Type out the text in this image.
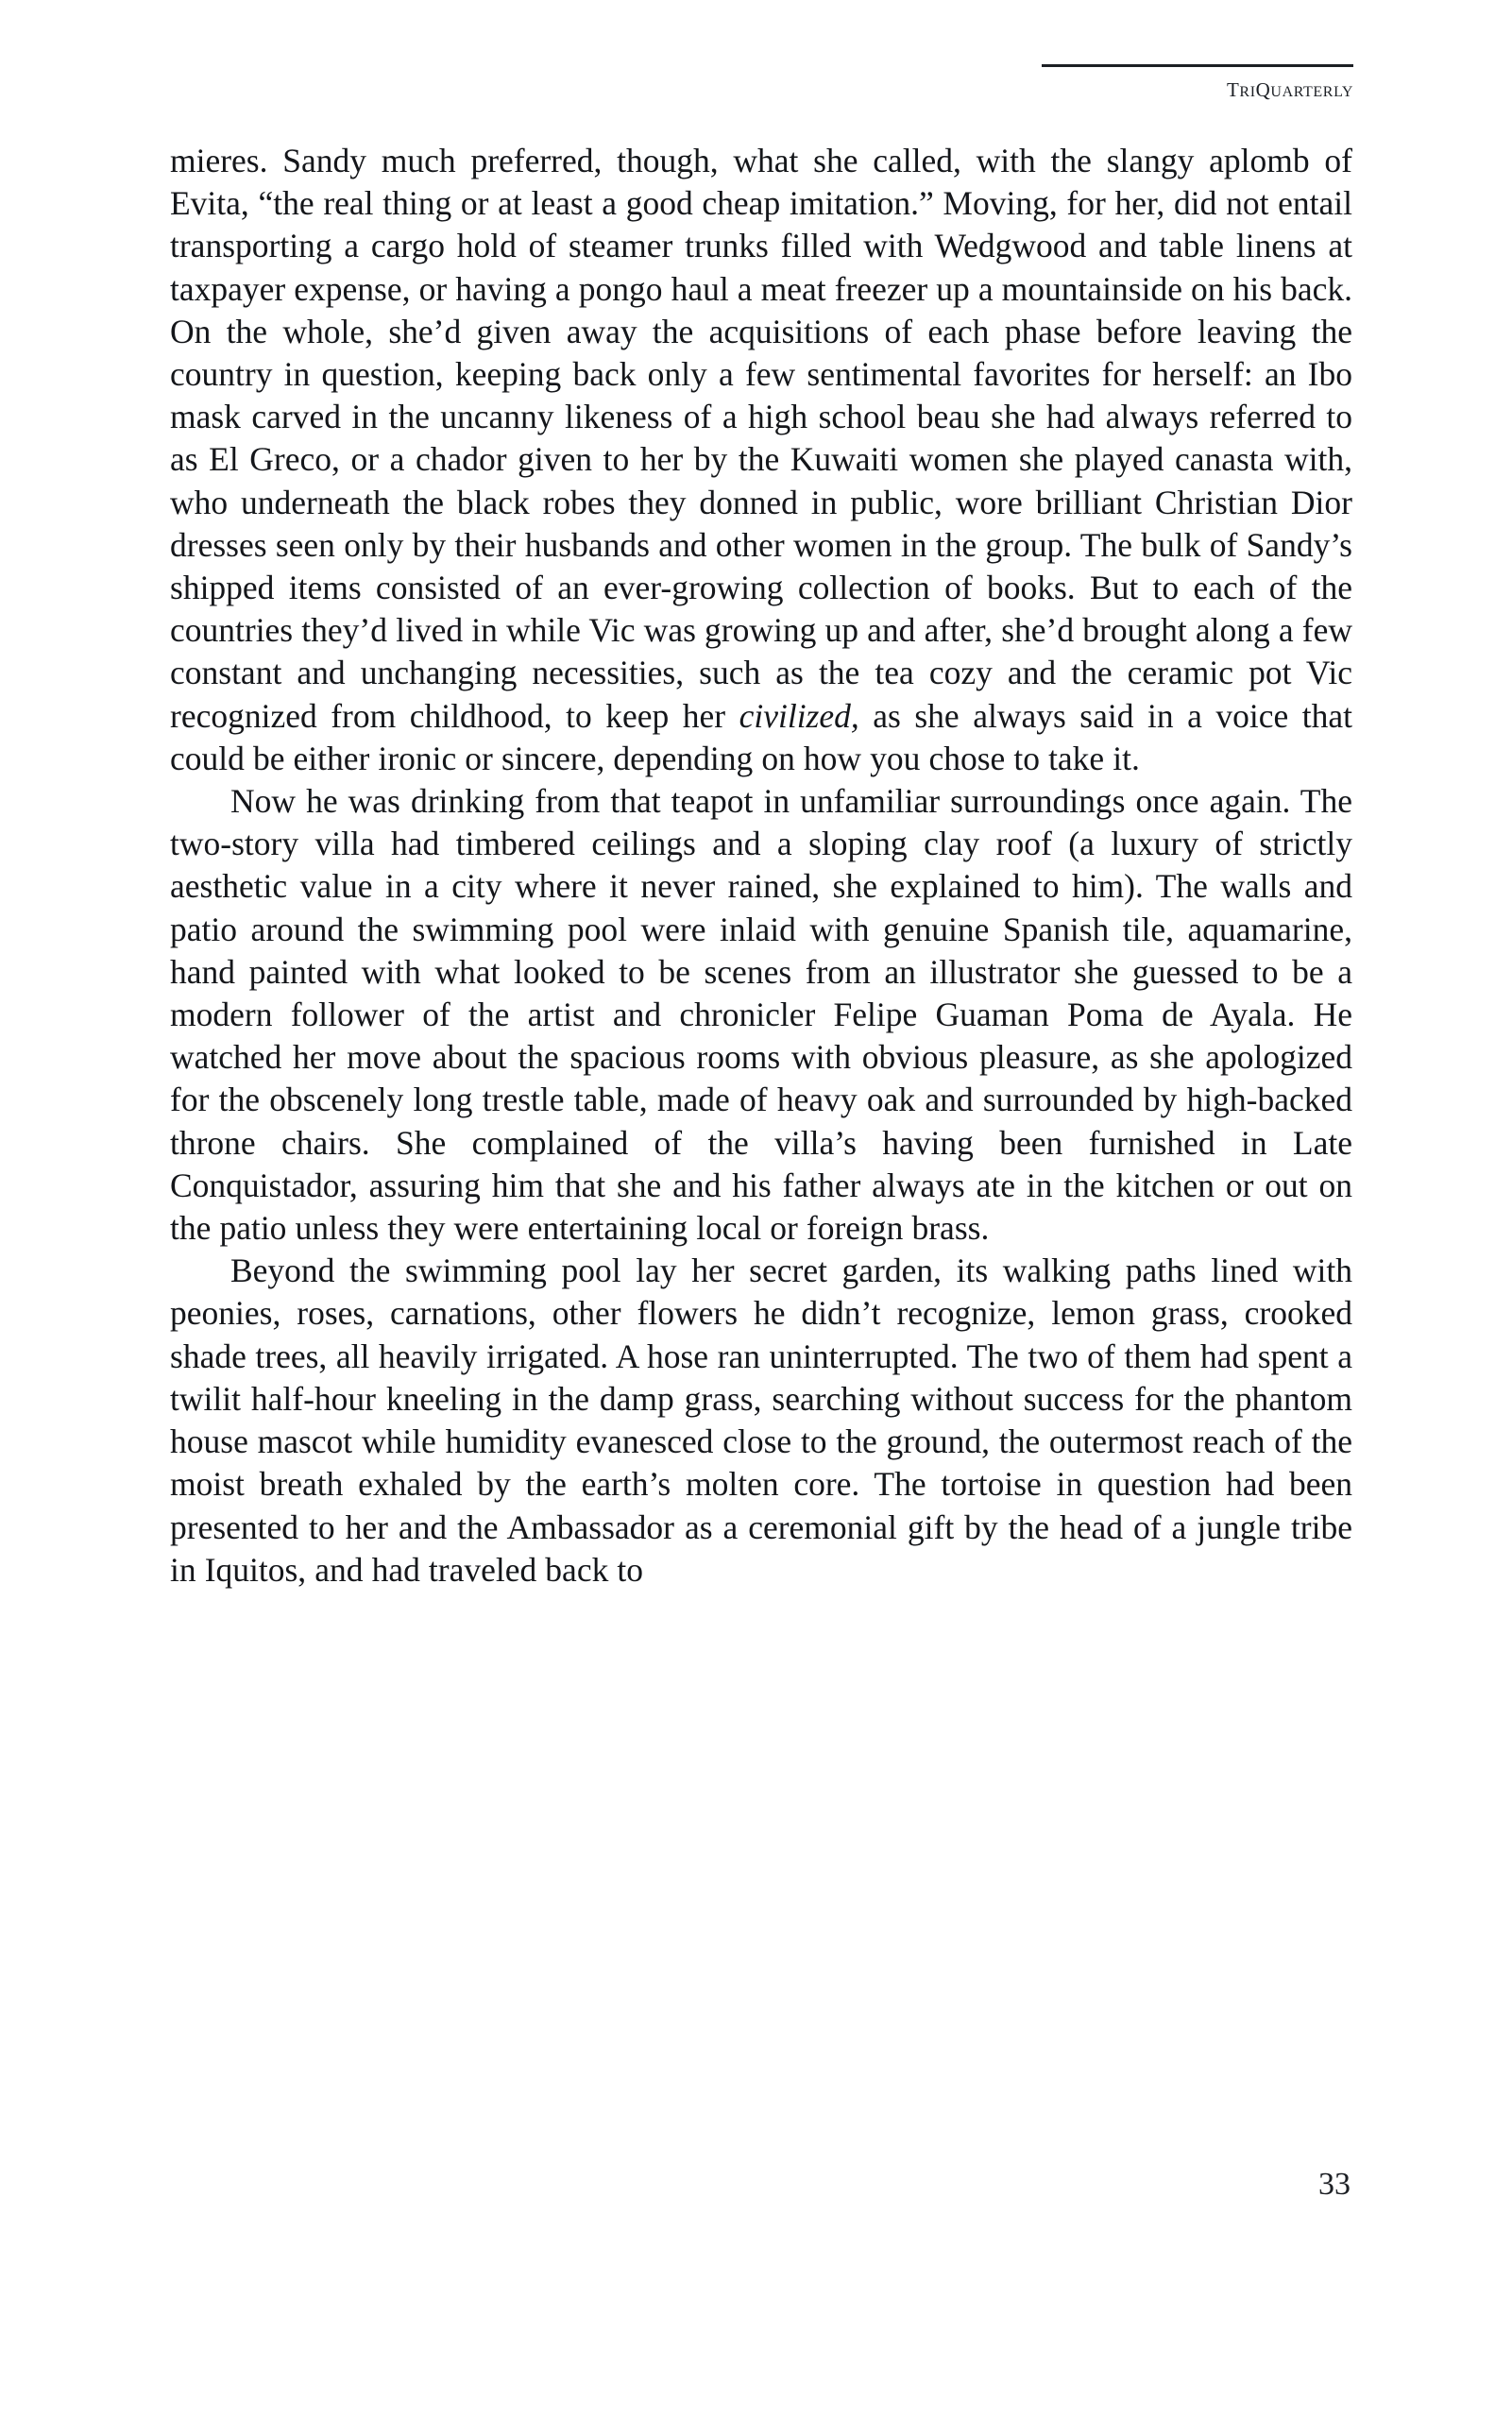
triquarterly

mieres. Sandy much preferred, though, what she called, with the slangy aplomb of Evita, “the real thing or at least a good cheap imitation.” Moving, for her, did not entail transporting a cargo hold of steamer trunks filled with Wedgwood and table linens at taxpayer expense, or having a pongo haul a meat freezer up a mountainside on his back. On the whole, she’d given away the acquisitions of each phase before leaving the country in question, keeping back only a few sentimental favorites for herself: an Ibo mask carved in the uncanny likeness of a high school beau she had always referred to as El Greco, or a chador given to her by the Kuwaiti women she played canasta with, who underneath the black robes they donned in public, wore brilliant Christian Dior dresses seen only by their husbands and other women in the group. The bulk of Sandy’s shipped items consisted of an ever-growing collection of books. But to each of the countries they’d lived in while Vic was growing up and after, she’d brought along a few constant and unchanging necessities, such as the tea cozy and the ceramic pot Vic recognized from childhood, to keep her civilized, as she always said in a voice that could be either ironic or sincere, depending on how you chose to take it.

Now he was drinking from that teapot in unfamiliar surroundings once again. The two-story villa had timbered ceilings and a sloping clay roof (a luxury of strictly aesthetic value in a city where it never rained, she explained to him). The walls and patio around the swimming pool were inlaid with genuine Spanish tile, aquamarine, hand painted with what looked to be scenes from an illustrator she guessed to be a modern follower of the artist and chronicler Felipe Guaman Poma de Ayala. He watched her move about the spacious rooms with obvious pleasure, as she apologized for the obscenely long trestle table, made of heavy oak and surrounded by high-backed throne chairs. She complained of the villa’s having been furnished in Late Conquistador, assuring him that she and his father always ate in the kitchen or out on the patio unless they were entertaining local or foreign brass.

Beyond the swimming pool lay her secret garden, its walking paths lined with peonies, roses, carnations, other flowers he didn’t recognize, lemon grass, crooked shade trees, all heavily irrigated. A hose ran uninterrupted. The two of them had spent a twilit half-hour kneeling in the damp grass, searching without success for the phantom house mascot while humidity evanesced close to the ground, the outermost reach of the moist breath exhaled by the earth’s molten core. The tortoise in question had been presented to her and the Ambassador as a ceremonial gift by the head of a jungle tribe in Iquitos, and had traveled back to

33
